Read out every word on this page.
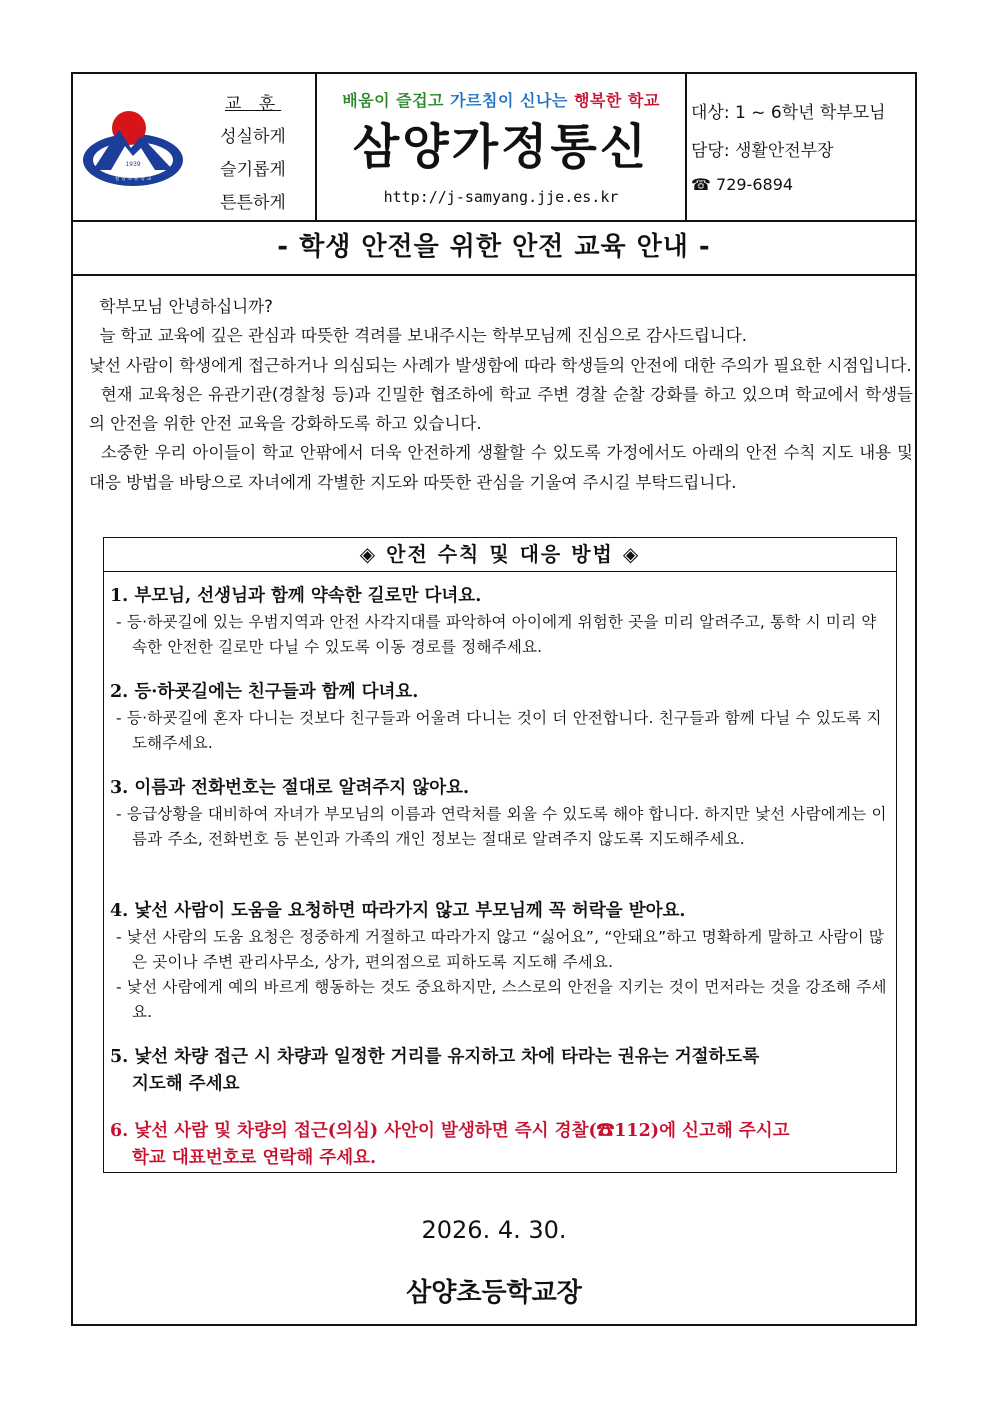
1939
삼 양 초 등 학 교
교 훈
성실하게
슬기롭게
튼튼하게
배움이 즐겁고 가르침이 신나는 행복한 학교
삼양가정통신
http://j-samyang.jje.es.kr
대상: 1 ~ 6학년 학부모님
담당: 생활안전부장
☎ 729-6894
- 학생 안전을 위한 안전 교육 안내 -

학부모님 안녕하십니까?

늘 학교 교육에 깊은 관심과 따뜻한 격려를 보내주시는 학부모님께 진심으로 감사드립니다.

낯선 사람이 학생에게 접근하거나 의심되는 사례가 발생함에 따라 학생들의 안전에 대한 주의가 필요한 시점입니다.

현재 교육청은 유관기관(경찰청 등)과 긴밀한 협조하에 학교 주변 경찰 순찰 강화를 하고 있으며 학교에서 학생들의 안전을 위한 안전 교육을 강화하도록 하고 있습니다.

소중한 우리 아이들이 학교 안팎에서 더욱 안전하게 생활할 수 있도록 가정에서도 아래의 안전 수칙 지도 내용 및 대응 방법을 바탕으로 자녀에게 각별한 지도와 따뜻한 관심을 기울여 주시길 부탁드립니다.

◈ 안전 수칙 및 대응 방법 ◈
1. 부모님, 선생님과 함께 약속한 길로만 다녀요.
- 등·하굣길에 있는 우범지역과 안전 사각지대를 파악하여 아이에게 위험한 곳을 미리 알려주고, 통학 시 미리 약속한 안전한 길로만 다닐 수 있도록 이동 경로를 정해주세요.
2. 등·하굣길에는 친구들과 함께 다녀요.
- 등·하굣길에 혼자 다니는 것보다 친구들과 어울려 다니는 것이 더 안전합니다. 친구들과 함께 다닐 수 있도록 지도해주세요.
3. 이름과 전화번호는 절대로 알려주지 않아요.
- 응급상황을 대비하여 자녀가 부모님의 이름과 연락처를 외울 수 있도록 해야 합니다. 하지만 낯선 사람에게는 이름과 주소, 전화번호 등 본인과 가족의 개인 정보는 절대로 알려주지 않도록 지도해주세요.
4. 낯선 사람이 도움을 요청하면 따라가지 않고 부모님께 꼭 허락을 받아요.
- 낯선 사람의 도움 요청은 정중하게 거절하고 따라가지 않고 “싫어요”, “안돼요”하고 명확하게 말하고 사람이 많은 곳이나 주변 관리사무소, 상가, 편의점으로 피하도록 지도해 주세요.
- 낯선 사람에게 예의 바르게 행동하는 것도 중요하지만, 스스로의 안전을 지키는 것이 먼저라는 것을 강조해 주세요.
5. 낯선 차량 접근 시 차량과 일정한 거리를 유지하고 차에 타라는 권유는 거절하도록
지도해 주세요
6. 낯선 사람 및 차량의 접근(의심) 사안이 발생하면 즉시 경찰(☎112)에 신고해 주시고
학교 대표번호로 연락해 주세요.
2026. 4. 30.
삼양초등학교장
